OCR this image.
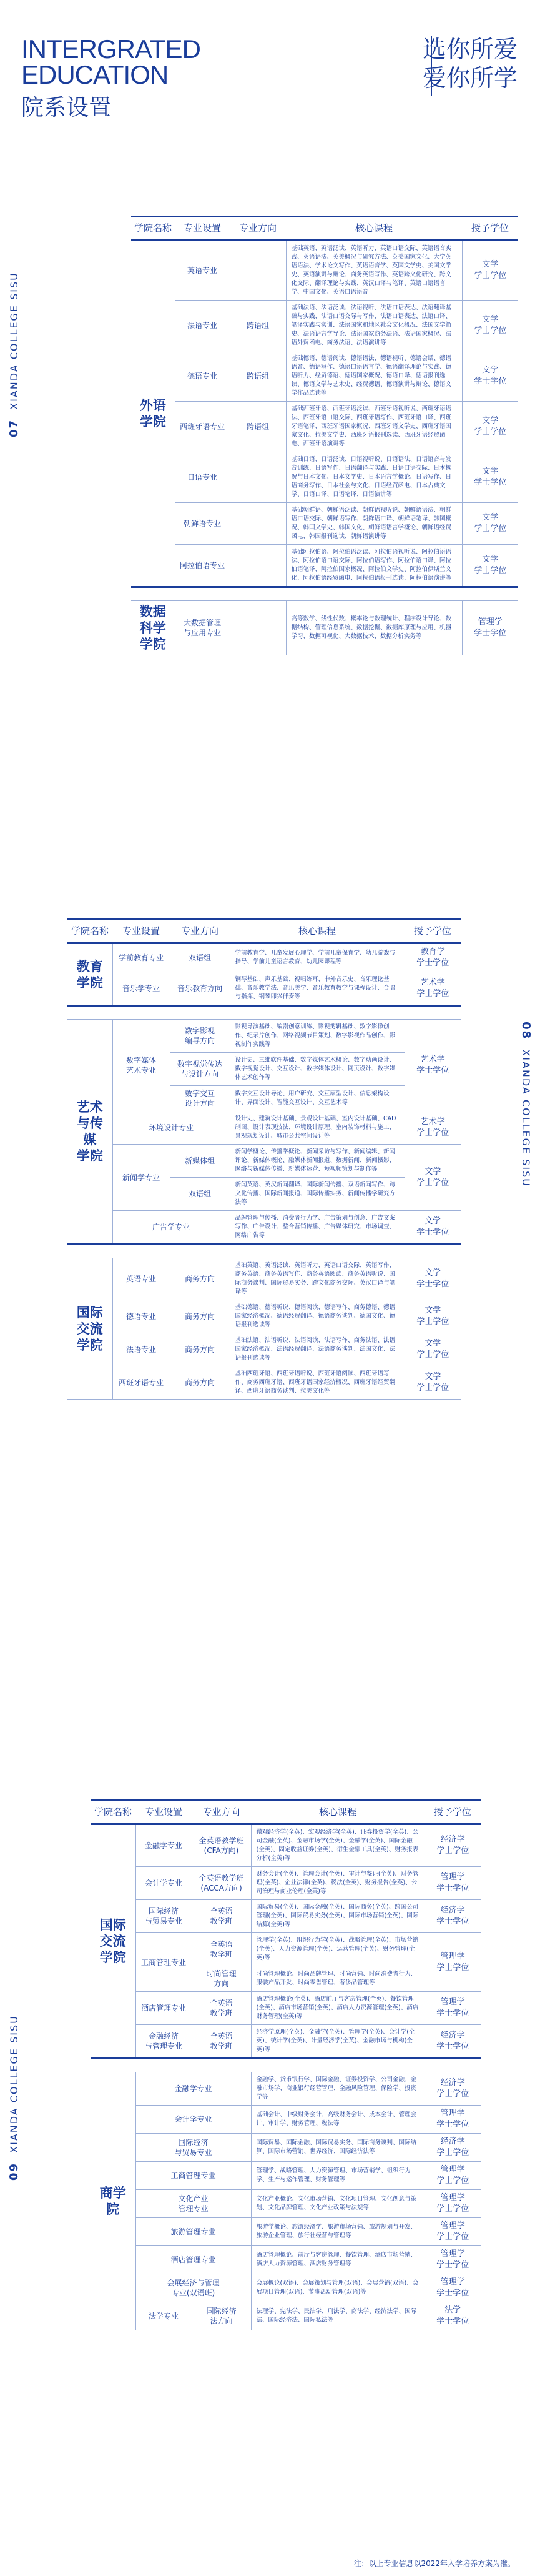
INTERGRATED
EDUCATION
院系设置
选你所爱
爱你所学
07 XIANDA COLLEGE SISU
学院名称	专业设置	专业方向	核心课程	授予学位
外语
学院	英语专业		基础英语、英语泛读、英语听力、英语口语交际、英语语音实践、英语语法、英美概况与研究方法、英美国家文化、大学英语语法、学术论文写作、英语语音学、英国文学史、美国文学史、英语演讲与辩论、商务英语写作、英语跨文化研究、跨文化交际、翻译理论与实践、英汉口译与笔译、英语口语语言学、中国文化、英语口语语音	文学
学士学位
	法语专业	跨语组	基础法语、法语泛读、法语视听、法语口语表达、法语翻译基础与实践、法语口语交际与写作、法语口语表达、法语口译、笔译实践与实训、法语国家和地区社会文化概况、法国文学简史、法语语言学导论、法语国家商务法语、法语国家概况、法语外贸函电、商务法语、法语演讲等	文学
学士学位
	德语专业	跨语组	基础德语、德语阅读、德语语法、德语视听、德语会话、德语语音、德语写作、德语口语语言学、德语翻译理论与实践、德语听力、经贸德语、德语国家概况、德语口译、德语报刊选读、德语文学与艺术史、经贸德语、德语演讲与辩论、德语文学作品选读等	文学
学士学位
	西班牙语专业	跨语组	基础西班牙语、西班牙语泛读、西班牙语视听说、西班牙语语法、西班牙语口语交际、西班牙语写作、西班牙语口译、西班牙语笔译、西班牙语国家概况、西班牙语文学史、西班牙语国家文化、拉美文学史、西班牙语报刊选读、西班牙语经贸函电、西班牙语演讲等	文学
学士学位
	日语专业		基础日语、日语泛读、日语视听说、日语语法、日语语音与发音训练、日语写作、日语翻译与实践、日语口语交际、日本概况与日本文化、日本文学史、日本语言学概论、日语写作、日语商务写作、日本社会与文化、日语经贸函电、日本古典文学、日语口译、日语笔译、日语演讲等	文学
学士学位
	朝鲜语专业		基础朝鲜语、朝鲜语泛读、朝鲜语视听说、朝鲜语语法、朝鲜语口语交际、朝鲜语写作、朝鲜语口译、朝鲜语笔译、韩国概况、韩国文学史、韩国文化、朝鲜语语言学概论、朝鲜语经贸函电、韩国报刊选读、朝鲜语演讲等	文学
学士学位
	阿拉伯语专业		基础阿拉伯语、阿拉伯语泛读、阿拉伯语视听说、阿拉伯语语法、阿拉伯语口语交际、阿拉伯语写作、阿拉伯语口译、阿拉伯语笔译、阿拉伯国家概况、阿拉伯文学史、阿拉伯伊斯兰文化、阿拉伯语经贸函电、阿拉伯语报刊选读、阿拉伯语演讲等	文学
学士学位

数据
科学
学院	大数据管理
与应用专业		高等数学、线性代数、概率论与数理统计、程序设计导论、数据结构、管理信息系统、数据挖掘、数据库原理与应用、机器学习、数据可视化、大数据技术、数据分析实务等	管理学
学士学位
08 XIANDA COLLEGE SISU
学院名称	专业设置	专业方向	核心课程	授予学位
教育
学院	学前教育专业	双语组	学前教育学、儿童发展心理学、学前儿童保育学、幼儿游戏与指导、学前儿童语言教育、幼儿园课程等	教育学
学士学位
	音乐学专业	音乐教育方向	钢琴基础、声乐基础、视唱练耳、中外音乐史、音乐理论基础、音乐教学法、音乐美学、音乐教育教学与课程设计、合唱与指挥、钢琴即兴伴奏等	艺术学
学士学位

艺术
与传媒
学院	数字媒体
艺术专业	数字影视
编导方向	影视导演基础、编剧创意训练、影视剪辑基础、数字影像创作、纪录片创作、网络视频节目策划、数字影视作品创作、影视制作实践等	艺术学
学士学位
		数字视觉传达
与设计方向	设计史、三维软件基础、数字媒体艺术概论、数字动画设计、数字视觉设计、交互设计、数字媒体设计、网页设计、数字媒体艺术创作等	
		数字交互
设计方向	数字交互设计导论、用户研究、交互原型设计、信息架构设计、界面设计、智能交互设计、交互艺术等	
	环境设计专业		设计史、建筑设计基础、景观设计基础、室内设计基础、CAD 制图、设计表现技法、环境设计原理、室内装饰材料与施工、景观规划设计、城市公共空间设计等	艺术学
学士学位
	新闻学专业	新媒体组	新闻学概论、传播学概论、新闻采访与写作、新闻编辑、新闻评论、新媒体概论、融媒体新闻报道、数据新闻、新闻摄影、网络与新媒体传播、新媒体运营、短视频策划与制作等	文学
学士学位
		双语组	新闻英语、英汉新闻翻译、国际新闻传播、双语新闻写作、跨文化传播、国际新闻报道、国际传播实务、新闻传播学研究方法等	
	广告学专业		品牌管理与传播、消费者行为学、广告策划与创意、广告文案写作、广告设计、整合营销传播、广告媒体研究、市场调查、网络广告等	文学
学士学位

国际
交流
学院	英语专业	商务方向	基础英语、英语泛读、英语听力、英语口语交际、英语写作、商务英语、商务英语写作、商务英语阅读、商务英语听说、国际商务谈判、国际贸易实务、跨文化商务交际、英汉口译与笔译等	文学
学士学位
	德语专业	商务方向	基础德语、德语听说、德语阅读、德语写作、商务德语、德语国家经济概况、德语经贸翻译、德语商务谈判、德国文化、德语报刊选读等	文学
学士学位
	法语专业	商务方向	基础法语、法语听说、法语阅读、法语写作、商务法语、法语国家经济概况、法语经贸翻译、法语商务谈判、法国文化、法语报刊选读等	文学
学士学位
	西班牙语专业	商务方向	基础西班牙语、西班牙语听说、西班牙语阅读、西班牙语写作、商务西班牙语、西班牙语国家经济概况、西班牙语经贸翻译、西班牙语商务谈判、拉美文化等	文学
学士学位
09 XIANDA COLLEGE SISU
学院名称	专业设置	专业方向	核心课程	授予学位
国际
交流
学院	金融学专业	全英语教学班
(CFA方向)	微观经济学(全英)、宏观经济学(全英)、证券投资学(全英)、公司金融(全英)、金融市场学(全英)、金融学(全英)、国际金融(全英)、固定收益证券(全英)、衍生金融工具(全英)、财务报表分析(全英)等	经济学
学士学位
	会计学专业	全英语教学班
(ACCA方向)	财务会计(全英)、管理会计(全英)、审计与鉴证(全英)、财务管理(全英)、企业法律(全英)、税法(全英)、财务报告(全英)、公司治理与商业伦理(全英)等	管理学
学士学位
	国际经济
与贸易专业	全英语
教学班	国际贸易(全英)、国际金融(全英)、国际商务(全英)、跨国公司管理(全英)、国际贸易实务(全英)、国际市场营销(全英)、国际结算(全英)等	经济学
学士学位
	工商管理专业	全英语
教学班	管理学(全英)、组织行为学(全英)、战略管理(全英)、市场营销(全英)、人力资源管理(全英)、运营管理(全英)、财务管理(全英)等	管理学
学士学位
		时尚管理
方向	时尚管理概论、时尚品牌管理、时尚营销、时尚消费者行为、服装产品开发、时尚零售管理、奢侈品管理等	
	酒店管理专业	全英语
教学班	酒店管理概论(全英)、酒店前厅与客房管理(全英)、餐饮管理(全英)、酒店市场营销(全英)、酒店人力资源管理(全英)、酒店财务管理(全英)等	管理学
学士学位
	金融经济
与管理专业	全英语
教学班	经济学原理(全英)、金融学(全英)、管理学(全英)、会计学(全英)、统计学(全英)、计量经济学(全英)、金融市场与机构(全英)等	经济学
学士学位

商学院	金融学专业		金融学、货币银行学、国际金融、证券投资学、公司金融、金融市场学、商业银行经营管理、金融风险管理、保险学、投资学等	经济学
学士学位
	会计学专业		基础会计、中级财务会计、高级财务会计、成本会计、管理会计、审计学、财务管理、税法等	管理学
学士学位
	国际经济
与贸易专业		国际贸易、国际金融、国际贸易实务、国际商务谈判、国际结算、国际市场营销、世界经济、国际经济法等	经济学
学士学位
	工商管理专业		管理学、战略管理、人力资源管理、市场营销学、组织行为学、生产与运作管理、财务管理等	管理学
学士学位
	文化产业
管理专业		文化产业概论、文化市场营销、文化项目管理、文化创意与策划、文化品牌管理、文化产业政策与法规等	管理学
学士学位
	旅游管理专业		旅游学概论、旅游经济学、旅游市场营销、旅游规划与开发、旅游企业管理、旅行社经营与管理等	管理学
学士学位
	酒店管理专业		酒店管理概论、前厅与客房管理、餐饮管理、酒店市场营销、酒店人力资源管理、酒店财务管理等	管理学
学士学位
	会展经济与管理
专业(双语班)		会展概论(双语)、会展策划与管理(双语)、会展营销(双语)、会展项目管理(双语)、节事活动管理(双语)等	管理学
学士学位
	法学专业	国际经济
法方向	法理学、宪法学、民法学、刑法学、商法学、经济法学、国际法、国际经济法、国际私法等	法学
学士学位
注：以上专业信息以2022年入学培养方案为准。
